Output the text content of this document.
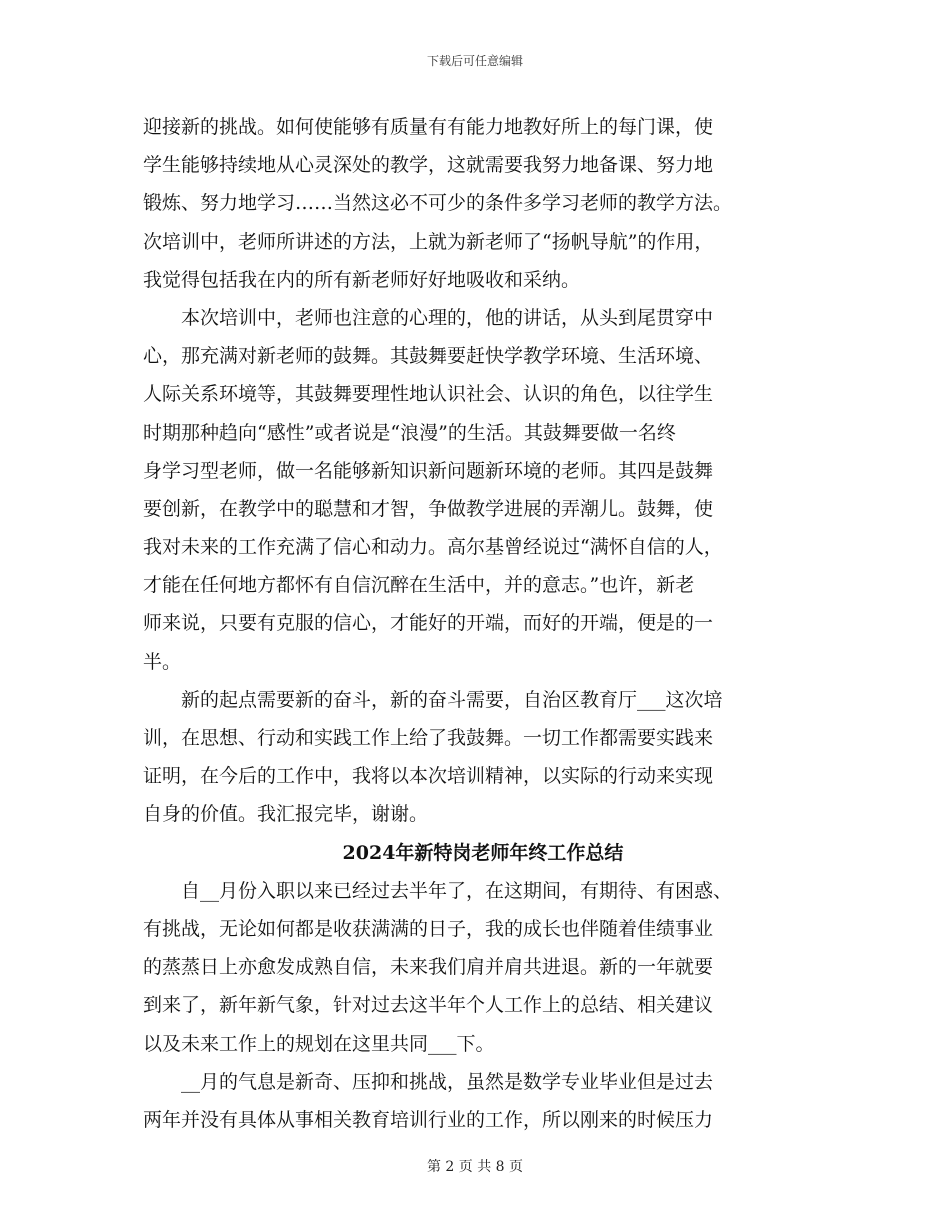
下载后可任意编辑
迎接新的挑战。如何使能够有质量有有能力地教好所上的每门课，使
学生能够持续地从心灵深处的教学，这就需要我努力地备课、努力地
锻炼、努力地学习……当然这必不可少的条件多学习老师的教学方法。
次培训中，老师所讲述的方法，上就为新老师了“扬帆导航”的作用，
我觉得包括我在内的所有新老师好好地吸收和采纳。
本次培训中，老师也注意的心理的，他的讲话，从头到尾贯穿中
心，那充满对新老师的鼓舞。其鼓舞要赶快学教学环境、生活环境、
人际关系环境等，其鼓舞要理性地认识社会、认识的角色，以往学生
时期那种趋向“感性”或者说是“浪漫”的生活。其鼓舞要做一名终
身学习型老师，做一名能够新知识新问题新环境的老师。其四是鼓舞
要创新，在教学中的聪慧和才智，争做教学进展的弄潮儿。鼓舞，使
我对未来的工作充满了信心和动力。高尔基曾经说过“满怀自信的人，
才能在任何地方都怀有自信沉醉在生活中，并的意志。”也许，新老
师来说，只要有克服的信心，才能好的开端，而好的开端，便是的一
半。
新的起点需要新的奋斗，新的奋斗需要，自治区教育厅___这次培
训，在思想、行动和实践工作上给了我鼓舞。一切工作都需要实践来
证明，在今后的工作中，我将以本次培训精神，以实际的行动来实现
自身的价值。我汇报完毕，谢谢。
2024年新特岗老师年终工作总结
自__月份入职以来已经过去半年了，在这期间，有期待、有困惑、
有挑战，无论如何都是收获满满的日子，我的成长也伴随着佳绩事业
的蒸蒸日上亦愈发成熟自信，未来我们肩并肩共进退。新的一年就要
到来了，新年新气象，针对过去这半年个人工作上的总结、相关建议
以及未来工作上的规划在这里共同___下。
__月的气息是新奇、压抑和挑战，虽然是数学专业毕业但是过去
两年并没有具体从事相关教育培训行业的工作，所以刚来的时候压力
第 2 页 共 8 页
